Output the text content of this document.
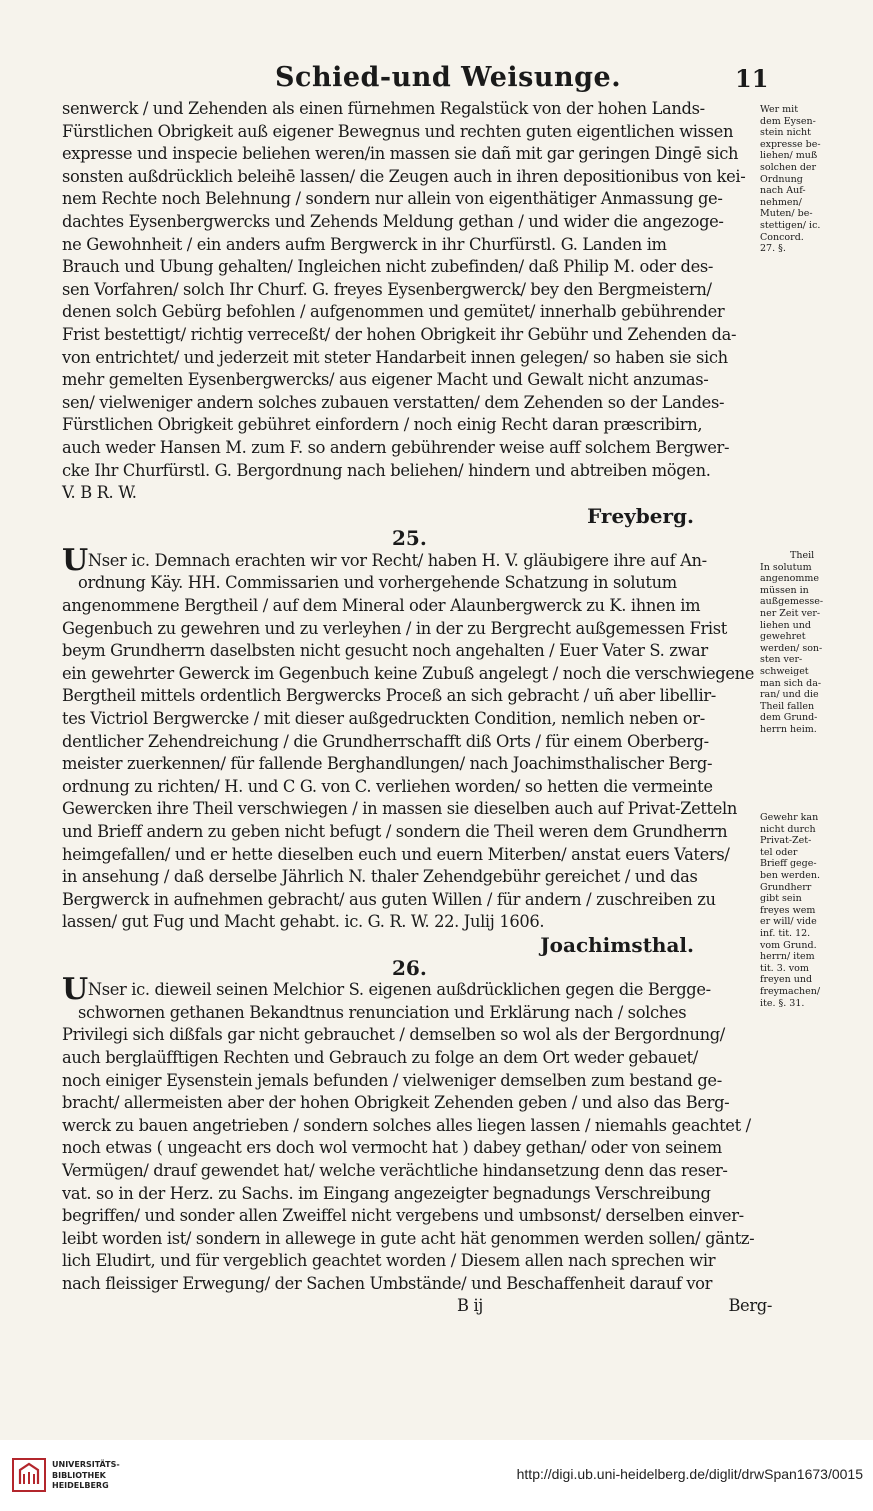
Schied-und Weisunge.	11
senwerck / und Zehenden als einen fürnehmen Regalstück von der hohen Lands-
Fürstlichen Obrigkeit auß eigener Bewegnus und rechten guten eigentlichen wissen
expresse und inspecie beliehen weren/in massen sie dañ mit gar geringen Dingē sich
sonsten außdrücklich beleihē lassen/ die Zeugen auch in ihren depositionibus von kei-
nem Rechte noch Belehnung / sondern nur allein von eigenthätiger Anmassung ge-
dachtes Eysenbergwercks und Zehends Meldung gethan / und wider die angezoge-
ne Gewohnheit / ein anders aufm Bergwerck in ihr Churfürstl. G. Landen im
Brauch und Ubung gehalten/ Ingleichen nicht zubefinden/ daß Philip M. oder des-
sen Vorfahren/ solch Ihr Churf. G. freyes Eysenbergwerck/ bey den Bergmeistern/
denen solch Gebürg befohlen / aufgenommen und gemütet/ innerhalb gebührender
Frist bestettigt/ richtig verreceßt/ der hohen Obrigkeit ihr Gebühr und Zehenden da-
von entrichtet/ und jederzeit mit steter Handarbeit innen gelegen/ so haben sie sich
mehr gemelten Eysenbergwercks/ aus eigener Macht und Gewalt nicht anzumas-
sen/ vielweniger andern solches zubauen verstatten/ dem Zehenden so der Landes-
Fürstlichen Obrigkeit gebühret einfordern / noch einig Recht daran præscribirn,
auch weder Hansen M. zum F. so andern gebührender weise auff solchem Bergwer-
cke Ihr Churfürstl. G. Bergordnung nach beliehen/ hindern und abtreiben mögen.
V. B R. W.
Freyberg.
25.
UNser ic. Demnach erachten wir vor Recht/ haben H. V. gläubigere ihre auf An-
ordnung Käy. HH. Commissarien und vorhergehende Schatzung in solutum
angenommene Bergtheil / auf dem Mineral oder Alaunbergwerck zu K. ihnen im
Gegenbuch zu gewehren und zu verleyhen / in der zu Bergrecht außgemessen Frist
beym Grundherrn daselbsten nicht gesucht noch angehalten / Euer Vater S. zwar
ein gewehrter Gewerck im Gegenbuch keine Zubuß angelegt / noch die verschwiegene
Bergtheil mittels ordentlich Bergwercks Proceß an sich gebracht / uñ aber libellir-
tes Victriol Bergwercke / mit dieser außgedruckten Condition, nemlich neben or-
dentlicher Zehendreichung / die Grundherrschafft diß Orts / für einem Oberberg-
meister zuerkennen/ für fallende Berghandlungen/ nach Joachimsthalischer Berg-
ordnung zu richten/ H. und C G. von C. verliehen worden/ so hetten die vermeinte
Gewercken ihre Theil verschwiegen / in massen sie dieselben auch auf Privat-Zetteln
und Brieff andern zu geben nicht befugt / sondern die Theil weren dem Grundherrn
heimgefallen/ und er hette dieselben euch und euern Miterben/ anstat euers Vaters/
in ansehung / daß derselbe Jährlich N. thaler Zehendgebühr gereichet / und das
Bergwerck in aufnehmen gebracht/ aus guten Willen / für andern / zuschreiben zu
lassen/ gut Fug und Macht gehabt. ic. G. R. W. 22. Julij 1606.
Joachimsthal.
26.
UNser ic. dieweil seinen Melchior S. eigenen außdrücklichen gegen die Bergge-
schwornen gethanen Bekandtnus renunciation und Erklärung nach / solches
Privilegi sich dißfals gar nicht gebrauchet / demselben so wol als der Bergordnung/
auch berglaüfftigen Rechten und Gebrauch zu folge an dem Ort weder gebauet/
noch einiger Eysenstein jemals befunden / vielweniger demselben zum bestand ge-
bracht/ allermeisten aber der hohen Obrigkeit Zehenden geben / und also das Berg-
werck zu bauen angetrieben / sondern solches alles liegen lassen / niemahls geachtet /
noch etwas ( ungeacht ers doch wol vermocht hat ) dabey gethan/ oder von seinem
Vermügen/ drauf gewendet hat/ welche verächtliche hindansetzung denn das reser-
vat. so in der Herz. zu Sachs. im Eingang angezeigter begnadungs Verschreibung
begriffen/ und sonder allen Zweiffel nicht vergebens und umbsonst/ derselben einver-
leibt worden ist/ sondern in allewege in gute acht hät genommen werden sollen/ gäntz-
lich Eludirt, und für vergeblich geachtet worden / Diesem allen nach sprechen wir
nach fleissiger Erwegung/ der Sachen Umbstände/ und Beschaffenheit darauf vor
B ij	Berg-
Wer mit
dem Eysen-
stein nicht
expresse be-
liehen/ muß
solchen der
Ordnung
nach Auf-
nehmen/
Muten/ be-
stettigen/ ic.
Concord.
27. §.
Theil
In solutum
angenomme
müssen in
außgemesse-
ner Zeit ver-
liehen und
gewehret
werden/ son-
sten ver-
schweiget
man sich da-
ran/ und die
Theil fallen
dem Grund-
herrn heim.
Gewehr kan
nicht durch
Privat-Zet-
tel oder
Brieff gege-
ben werden.
Grundherr
gibt sein
freyes wem
er will/ vide
inf. tit. 12.
vom Grund.
herrn/ item
tit. 3. vom
freyen und
freymachen/
ite. §. 31.
UNIVERSITÄTS-
BIBLIOTHEK
HEIDELBERG
http://digi.ub.uni-heidelberg.de/diglit/drwSpan1673/0015
